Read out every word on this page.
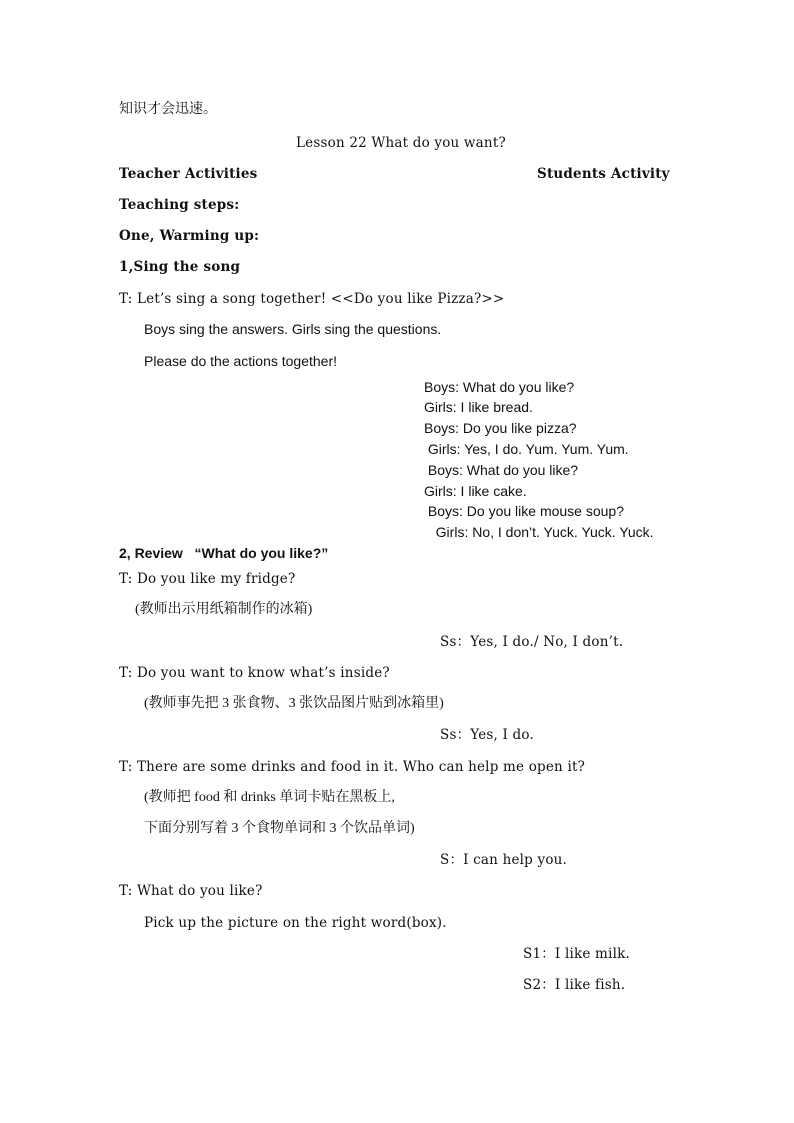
知识才会迅速。
Lesson 22 What do you want?
Teacher Activities	Students Activity
Teaching steps:
One, Warming up:
1,Sing the song
T: Let’s sing a song together! <<Do you like Pizza?>>
Boys sing the answers. Girls sing the questions.
Please do the actions together!
Boys: What do you like?
Girls: I like bread.
Boys: Do you like pizza?
Girls: Yes, I do. Yum. Yum. Yum.
Boys: What do you like?
Girls: I like cake.
Boys: Do you like mouse soup?
Girls: No, I don’t. Yuck. Yuck. Yuck.
2, Review   “What do you like?”
T: Do you like my fridge?
(教师出示用纸箱制作的冰箱)
Ss：Yes, I do./ No, I don’t.
T: Do you want to know what’s inside?
(教师事先把 3 张食物、3 张饮品图片贴到冰箱里)
Ss：Yes, I do.
T: There are some drinks and food in it. Who can help me open it?
(教师把 food 和 drinks 单词卡贴在黑板上,
下面分别写着 3 个食物单词和 3 个饮品单词)
S：I can help you.
T: What do you like?
Pick up the picture on the right word(box).
S1：I like milk.
S2：I like fish.
